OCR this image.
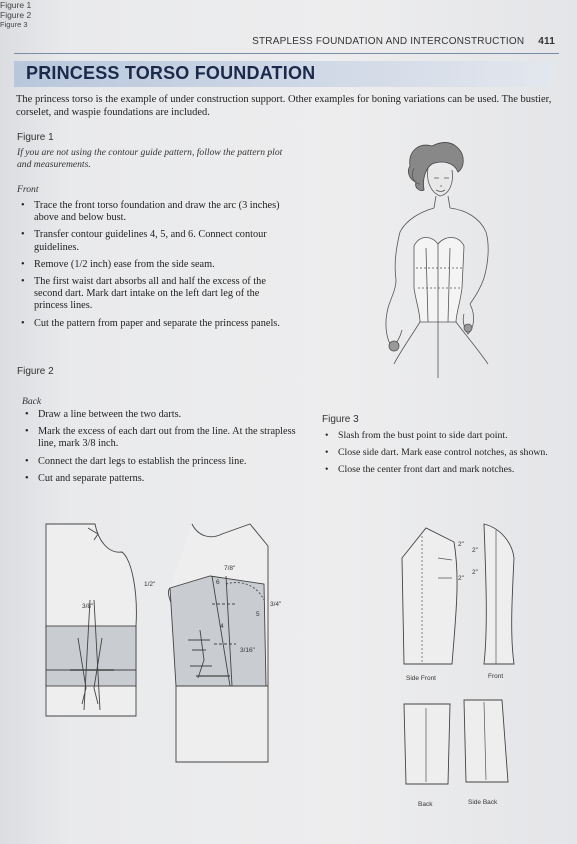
STRAPLESS FOUNDATION AND INTERCONSTRUCTION 411
PRINCESS TORSO FOUNDATION
The princess torso is the example of under construction support. Other examples for boning variations can be used. The bustier, corselet, and waspie foundations are included.
Figure 1
If you are not using the contour guide pattern, follow the pattern plot and measurements.
Front
• Trace the front torso foundation and draw the arc (3 inches) above and below bust.
• Transfer contour guidelines 4, 5, and 6. Connect contour guidelines.
• Remove (1/2 inch) ease from the side seam.
• The first waist dart absorbs all and half the excess of the second dart. Mark dart intake on the left dart leg of the princess lines.
• Cut the pattern from paper and separate the princess panels.
Figure 2
Back
• Draw a line between the two darts.
• Mark the excess of each dart out from the line. At the strapless line, mark 3/8 inch.
• Connect the dart legs to establish the princess line.
• Cut and separate patterns.
Figure 3
• Slash from the bust point to side dart point.
• Close side dart. Mark ease control notches, as shown.
• Close the center front dart and mark notches.
Figure 1
Figure 2
Figure 3
3/8"
7/8"
1/2"
3/4"
3/16"
6
5
4
2"
2"
2"
2"
Side Front	Front
Back	Side Back
